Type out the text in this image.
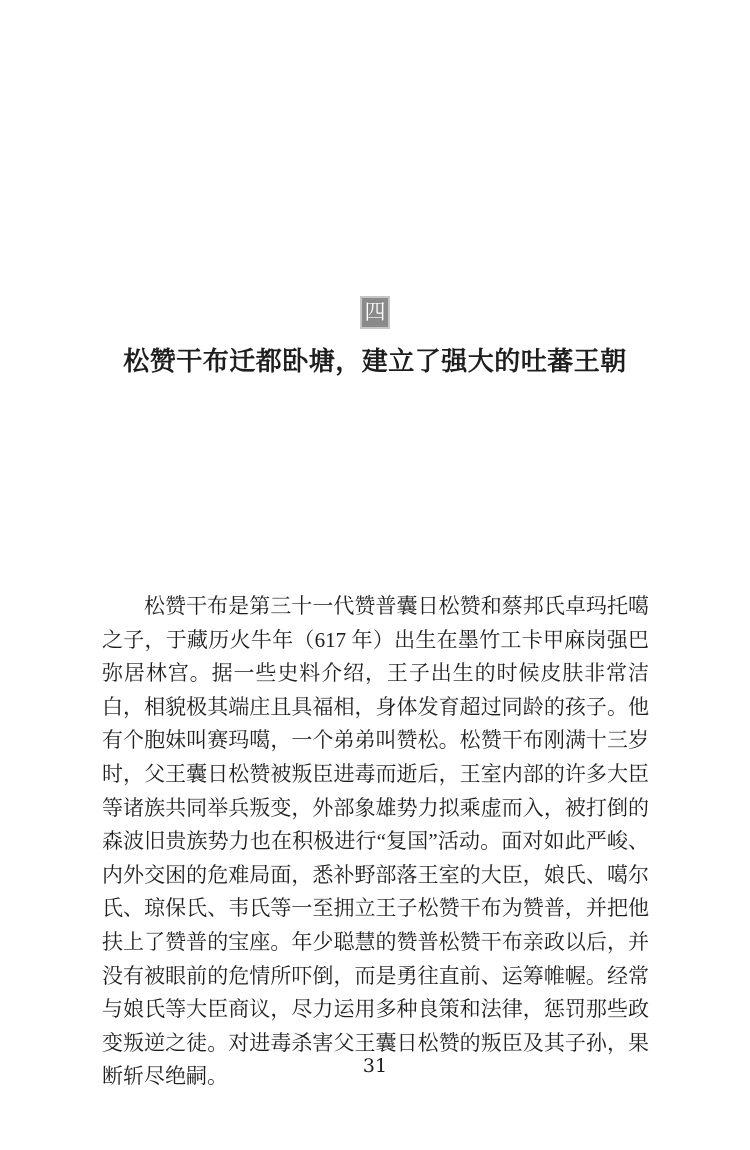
四
松赞干布迁都卧塘，建立了强大的吐蕃王朝

松赞干布是第三十一代赞普囊日松赞和蔡邦氏卓玛托噶之子，于藏历火牛年（617 年）出生在墨竹工卡甲麻岗强巴弥居林宫。据一些史料介绍，王子出生的时候皮肤非常洁白，相貌极其端庄且具福相，身体发育超过同龄的孩子。他有个胞妹叫赛玛噶，一个弟弟叫赞松。松赞干布刚满十三岁时，父王囊日松赞被叛臣进毒而逝后，王室内部的许多大臣等诸族共同举兵叛变，外部象雄势力拟乘虚而入，被打倒的森波旧贵族势力也在积极进行“复国”活动。面对如此严峻、内外交困的危难局面，悉补野部落王室的大臣，娘氏、噶尔氏、琼保氏、韦氏等一至拥立王子松赞干布为赞普，并把他扶上了赞普的宝座。年少聪慧的赞普松赞干布亲政以后，并没有被眼前的危情所吓倒，而是勇往直前、运筹帷幄。经常与娘氏等大臣商议，尽力运用多种良策和法律，惩罚那些政变叛逆之徒。对进毒杀害父王囊日松赞的叛臣及其子孙，果断斩尽绝嗣。	31
